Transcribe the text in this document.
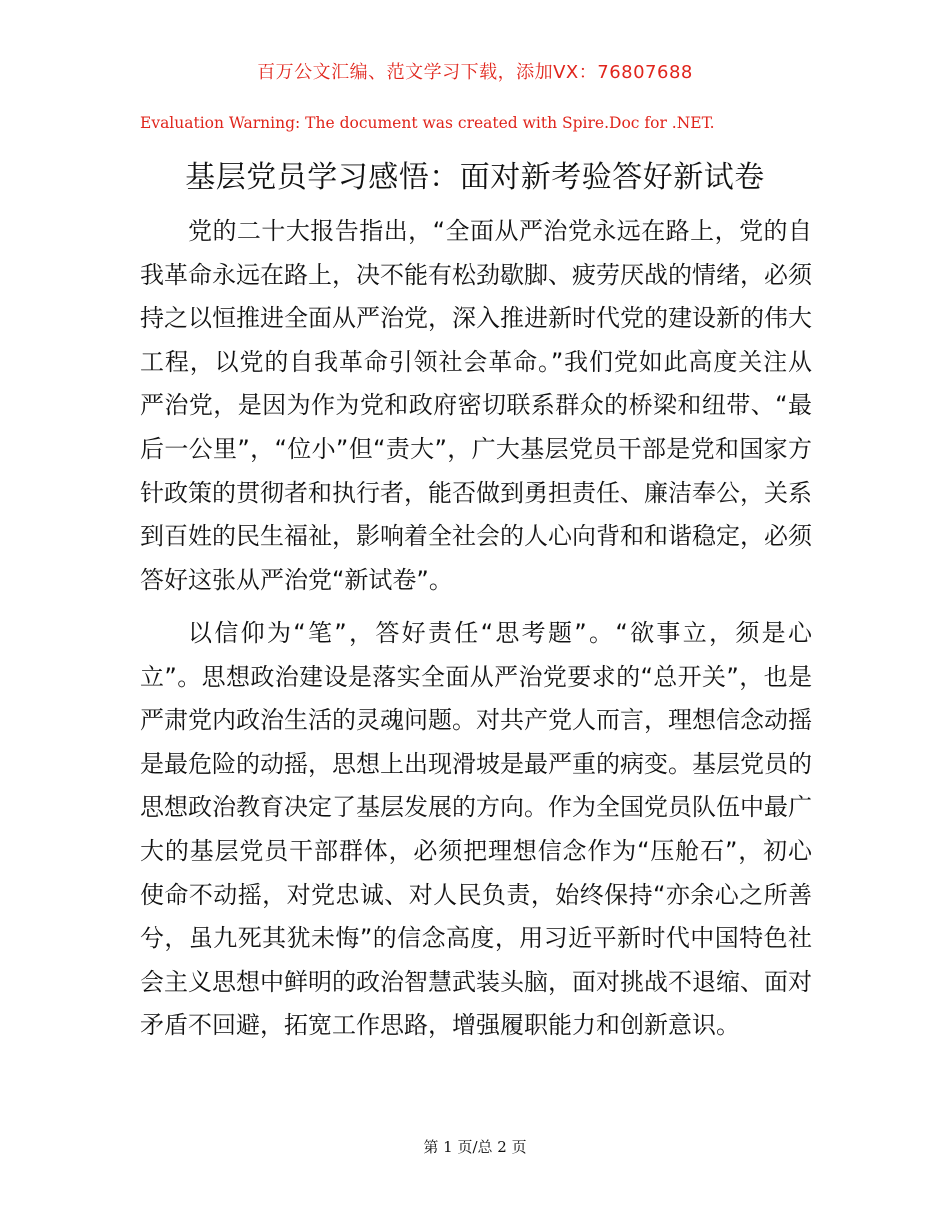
百万公文汇编、范文学习下载，添加VX：76807688
Evaluation Warning: The document was created with Spire.Doc for .NET.
基层党员学习感悟：面对新考验答好新试卷

党的二十大报告指出，“全面从严治党永远在路上，党的自我革命永远在路上，决不能有松劲歇脚、疲劳厌战的情绪，必须持之以恒推进全面从严治党，深入推进新时代党的建设新的伟大工程，以党的自我革命引领社会革命。”我们党如此高度关注从严治党，是因为作为党和政府密切联系群众的桥梁和纽带、“最后一公里”，“位小”但“责大”，广大基层党员干部是党和国家方针政策的贯彻者和执行者，能否做到勇担责任、廉洁奉公，关系到百姓的民生福祉，影响着全社会的人心向背和和谐稳定，必须答好这张从严治党“新试卷”。

以信仰为“笔”，答好责任“思考题”。“欲事立，须是心立”。思想政治建设是落实全面从严治党要求的“总开关”，也是严肃党内政治生活的灵魂问题。对共产党人而言，理想信念动摇是最危险的动摇，思想上出现滑坡是最严重的病变。基层党员的思想政治教育决定了基层发展的方向。作为全国党员队伍中最广大的基层党员干部群体，必须把理想信念作为“压舱石”，初心使命不动摇，对党忠诚、对人民负责，始终保持“亦余心之所善兮，虽九死其犹未悔”的信念高度，用习近平新时代中国特色社会主义思想中鲜明的政治智慧武装头脑，面对挑战不退缩、面对矛盾不回避，拓宽工作思路，增强履职能力和创新意识。

第 1 页/总 2 页
